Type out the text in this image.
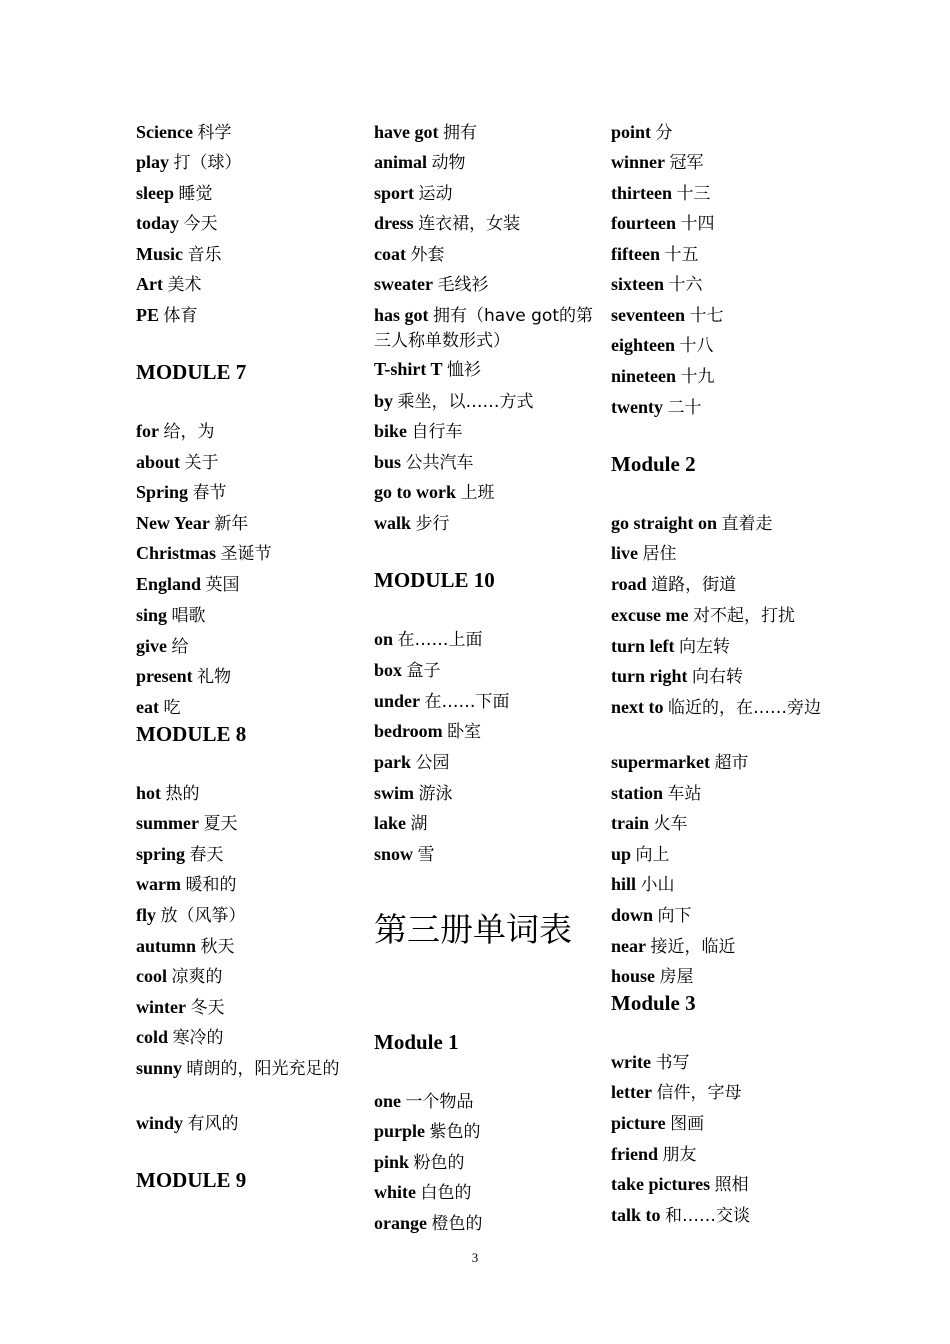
Science 科学
play 打（球）
sleep 睡觉
today 今天
Music 音乐
Art 美术
PE 体育
MODULE 7
for 给，为
about 关于
Spring 春节
New Year 新年
Christmas 圣诞节
England 英国
sing 唱歌
give 给
present 礼物
eat 吃
MODULE 8
hot 热的
summer 夏天
spring 春天
warm 暖和的
fly 放（风筝）
autumn 秋天
cool 凉爽的
winter 冬天
cold 寒冷的
sunny 晴朗的，阳光充足的
windy 有风的
MODULE 9
have got 拥有
animal 动物
sport 运动
dress 连衣裙，女装
coat 外套
sweater 毛线衫
has got 拥有（have got的第三人称单数形式）
T-shirt T 恤衫
by 乘坐，以……方式
bike 自行车
bus 公共汽车
go to work 上班
walk 步行
MODULE 10
on 在……上面
box 盒子
under 在……下面
bedroom 卧室
park 公园
swim 游泳
lake 湖
snow 雪
第三册单词表
Module 1
one 一个物品
purple 紫色的
pink 粉色的
white 白色的
orange 橙色的
point 分
winner 冠军
thirteen 十三
fourteen 十四
fifteen 十五
sixteen 十六
seventeen 十七
eighteen 十八
nineteen 十九
twenty 二十
Module 2
go straight on 直着走
live 居住
road 道路，街道
excuse me 对不起，打扰
turn left 向左转
turn right 向右转
next to 临近的，在……旁边
supermarket 超市
station 车站
train 火车
up 向上
hill 小山
down 向下
near 接近，临近
house 房屋
Module 3
write 书写
letter 信件，字母
picture 图画
friend 朋友
take pictures 照相
talk to 和……交谈
3
